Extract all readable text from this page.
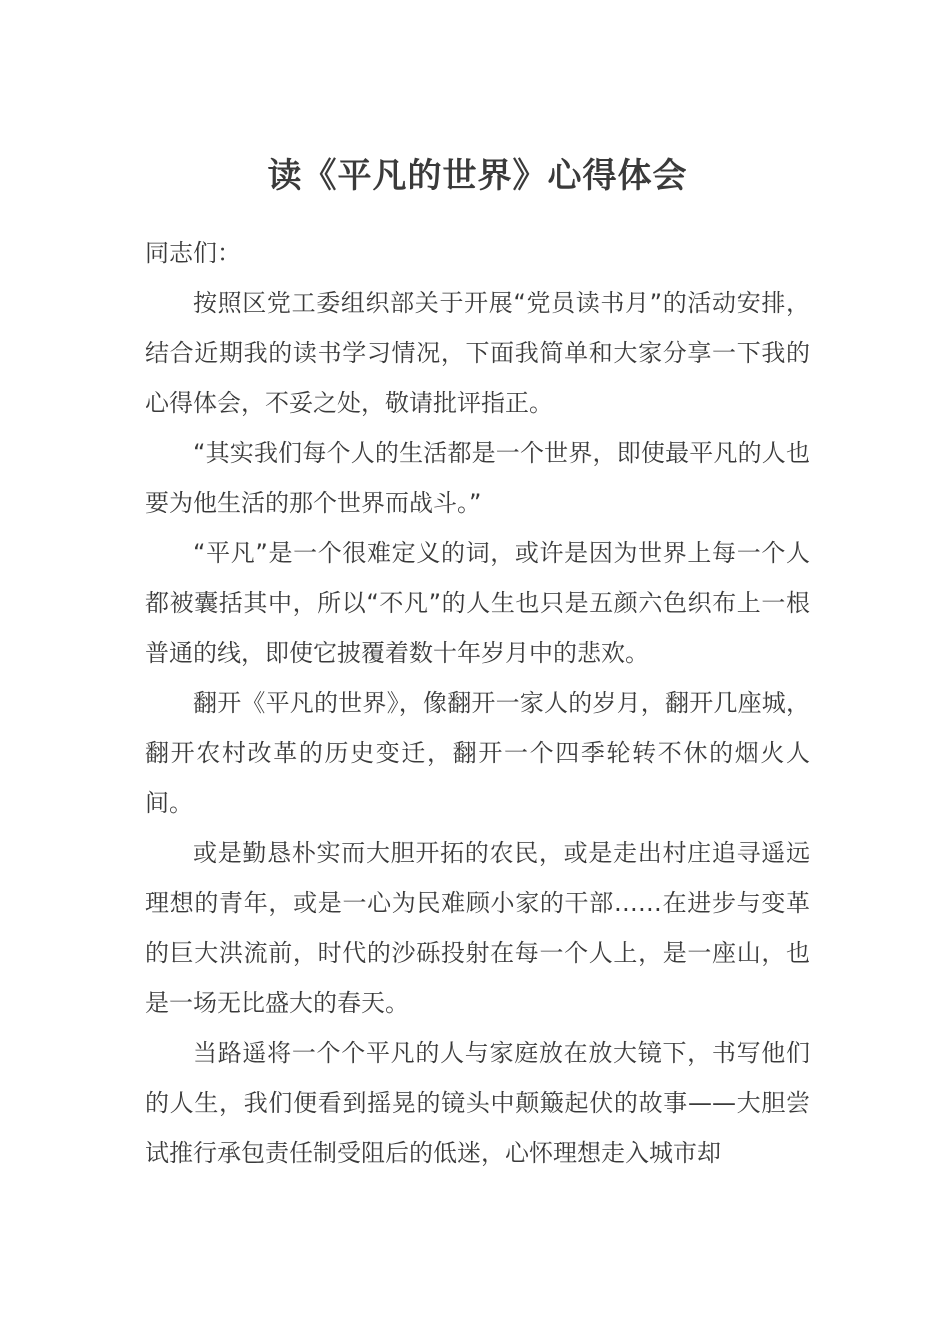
读《平凡的世界》心得体会

同志们：

按照区党工委组织部关于开展“党员读书月”的活动安排，结合近期我的读书学习情况，下面我简单和大家分享一下我的心得体会，不妥之处，敬请批评指正。

“其实我们每个人的生活都是一个世界，即使最平凡的人也要为他生活的那个世界而战斗。”

“平凡”是一个很难定义的词，或许是因为世界上每一个人都被囊括其中，所以“不凡”的人生也只是五颜六色织布上一根普通的线，即使它披覆着数十年岁月中的悲欢。

翻开《平凡的世界》，像翻开一家人的岁月，翻开几座城，翻开农村改革的历史变迁，翻开一个四季轮转不休的烟火人间。

或是勤恳朴实而大胆开拓的农民，或是走出村庄追寻遥远理想的青年，或是一心为民难顾小家的干部……在进步与变革的巨大洪流前，时代的沙砾投射在每一个人上，是一座山，也是一场无比盛大的春天。

当路遥将一个个平凡的人与家庭放在放大镜下，书写他们的人生，我们便看到摇晃的镜头中颠簸起伏的故事——大胆尝试推行承包责任制受阻后的低迷，心怀理想走入城市却
